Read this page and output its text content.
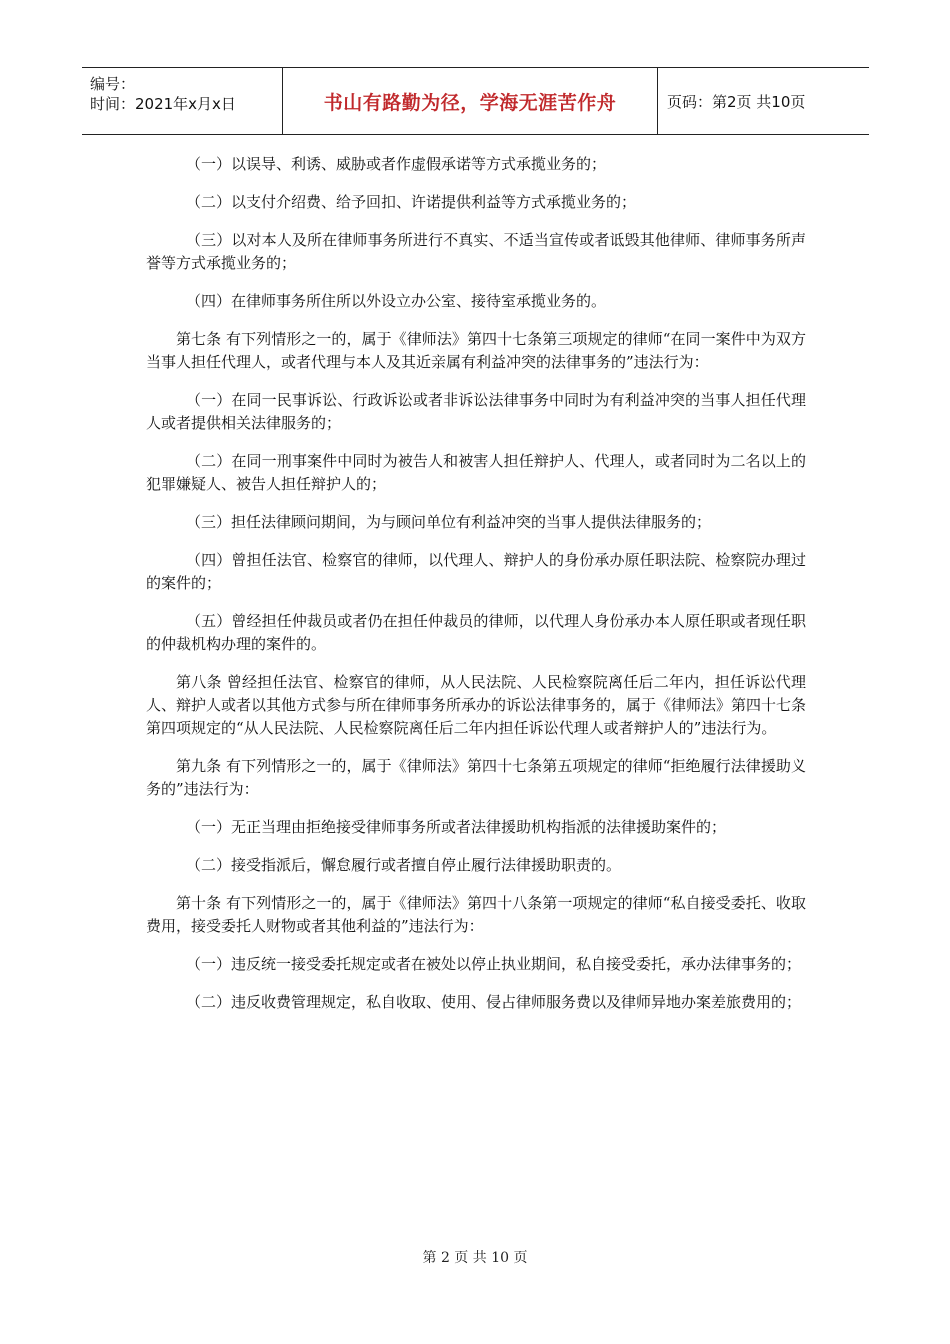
编号：
时间：2021年x月x日	书山有路勤为径，学海无涯苦作舟	页码：第2页 共10页

（一）以误导、利诱、威胁或者作虚假承诺等方式承揽业务的；

（二）以支付介绍费、给予回扣、许诺提供利益等方式承揽业务的；

（三）以对本人及所在律师事务所进行不真实、不适当宣传或者诋毁其他律师、律师事务所声誉等方式承揽业务的；

（四）在律师事务所住所以外设立办公室、接待室承揽业务的。

第七条 有下列情形之一的，属于《律师法》第四十七条第三项规定的律师“在同一案件中为双方当事人担任代理人，或者代理与本人及其近亲属有利益冲突的法律事务的”违法行为：

（一）在同一民事诉讼、行政诉讼或者非诉讼法律事务中同时为有利益冲突的当事人担任代理人或者提供相关法律服务的；

（二）在同一刑事案件中同时为被告人和被害人担任辩护人、代理人，或者同时为二名以上的犯罪嫌疑人、被告人担任辩护人的；

（三）担任法律顾问期间，为与顾问单位有利益冲突的当事人提供法律服务的；

（四）曾担任法官、检察官的律师，以代理人、辩护人的身份承办原任职法院、检察院办理过的案件的；

（五）曾经担任仲裁员或者仍在担任仲裁员的律师，以代理人身份承办本人原任职或者现任职的仲裁机构办理的案件的。

第八条 曾经担任法官、检察官的律师，从人民法院、人民检察院离任后二年内，担任诉讼代理人、辩护人或者以其他方式参与所在律师事务所承办的诉讼法律事务的，属于《律师法》第四十七条第四项规定的“从人民法院、人民检察院离任后二年内担任诉讼代理人或者辩护人的”违法行为。

第九条 有下列情形之一的，属于《律师法》第四十七条第五项规定的律师“拒绝履行法律援助义务的”违法行为：

（一）无正当理由拒绝接受律师事务所或者法律援助机构指派的法律援助案件的；

（二）接受指派后，懈怠履行或者擅自停止履行法律援助职责的。

第十条 有下列情形之一的，属于《律师法》第四十八条第一项规定的律师“私自接受委托、收取费用，接受委托人财物或者其他利益的”违法行为：

（一）违反统一接受委托规定或者在被处以停止执业期间，私自接受委托，承办法律事务的；

（二）违反收费管理规定，私自收取、使用、侵占律师服务费以及律师异地办案差旅费用的；

第 2 页 共 10 页
